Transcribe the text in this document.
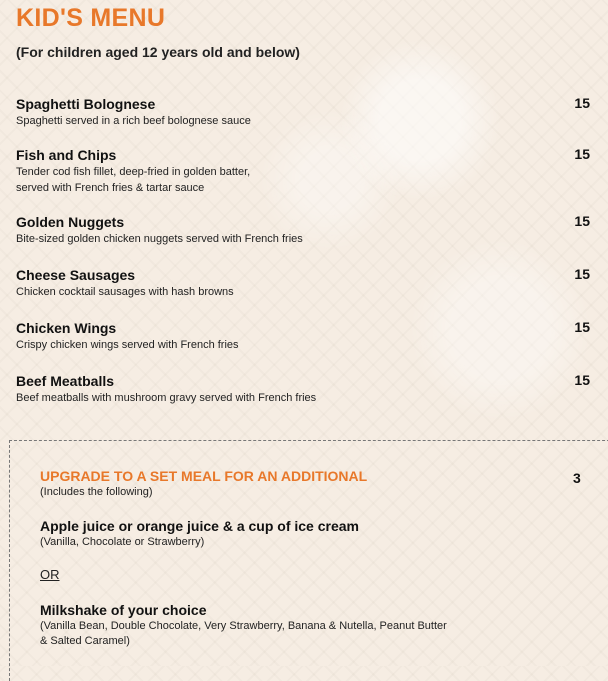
KID'S MENU
(For children aged 12 years old and below)
Spaghetti Bolognese
Spaghetti served in a rich beef bolognese sauce
15
Fish and Chips
Tender cod fish fillet, deep-fried in golden batter,
served with French fries & tartar sauce
15
Golden Nuggets
Bite-sized golden chicken nuggets served with French fries
15
Cheese Sausages
Chicken cocktail sausages with hash browns
15
Chicken Wings
Crispy chicken wings served with French fries
15
Beef Meatballs
Beef meatballs with mushroom gravy served with French fries
15
UPGRADE TO A SET MEAL FOR AN ADDITIONAL	3
(Includes the following)
Apple juice or orange juice & a cup of ice cream
(Vanilla, Chocolate or Strawberry)
OR
Milkshake of your choice
(Vanilla Bean, Double Chocolate, Very Strawberry, Banana & Nutella, Peanut Butter
& Salted Caramel)
